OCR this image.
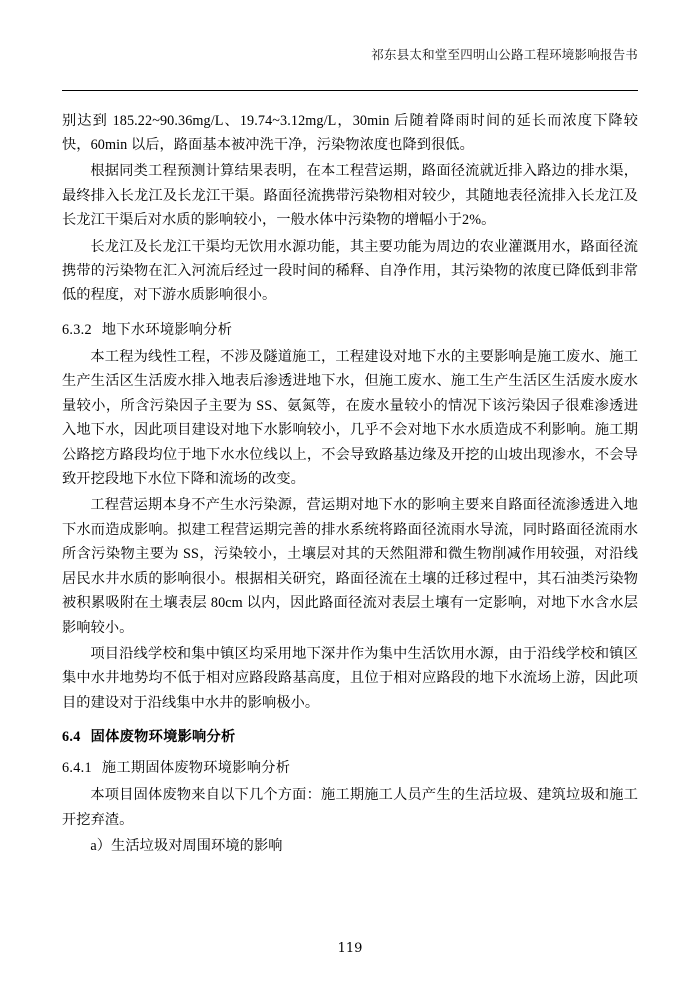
祁东县太和堂至四明山公路工程环境影响报告书

别达到 185.22~90.36mg/L、19.74~3.12mg/L，30min 后随着降雨时间的延长而浓度下降较快，60min 以后，路面基本被冲洗干净，污染物浓度也降到很低。

根据同类工程预测计算结果表明，在本工程营运期，路面径流就近排入路边的排水渠，最终排入长龙江及长龙江干渠。路面径流携带污染物相对较少，其随地表径流排入长龙江及长龙江干渠后对水质的影响较小，一般水体中污染物的增幅小于2%。

长龙江及长龙江干渠均无饮用水源功能，其主要功能为周边的农业灌溉用水，路面径流携带的污染物在汇入河流后经过一段时间的稀释、自净作用，其污染物的浓度已降低到非常低的程度，对下游水质影响很小。

6.3.2 地下水环境影响分析

本工程为线性工程，不涉及隧道施工，工程建设对地下水的主要影响是施工废水、施工生产生活区生活废水排入地表后渗透进地下水，但施工废水、施工生产生活区生活废水废水量较小，所含污染因子主要为 SS、氨氮等，在废水量较小的情况下该污染因子很难渗透进入地下水，因此项目建设对地下水影响较小，几乎不会对地下水水质造成不利影响。施工期公路挖方路段均位于地下水水位线以上，不会导致路基边缘及开挖的山坡出现渗水，不会导致开挖段地下水位下降和流场的改变。

工程营运期本身不产生水污染源，营运期对地下水的影响主要来自路面径流渗透进入地下水而造成影响。拟建工程营运期完善的排水系统将路面径流雨水导流，同时路面径流雨水所含污染物主要为 SS，污染较小，土壤层对其的天然阻滞和微生物削减作用较强，对沿线居民水井水质的影响很小。根据相关研究，路面径流在土壤的迁移过程中，其石油类污染物被积累吸附在土壤表层 80cm 以内，因此路面径流对表层土壤有一定影响，对地下水含水层影响较小。

项目沿线学校和集中镇区均采用地下深井作为集中生活饮用水源，由于沿线学校和镇区集中水井地势均不低于相对应路段路基高度，且位于相对应路段的地下水流场上游，因此项目的建设对于沿线集中水井的影响极小。

6.4 固体废物环境影响分析
6.4.1 施工期固体废物环境影响分析

本项目固体废物来自以下几个方面：施工期施工人员产生的生活垃圾、建筑垃圾和施工开挖弃渣。

a）生活垃圾对周围环境的影响

119
